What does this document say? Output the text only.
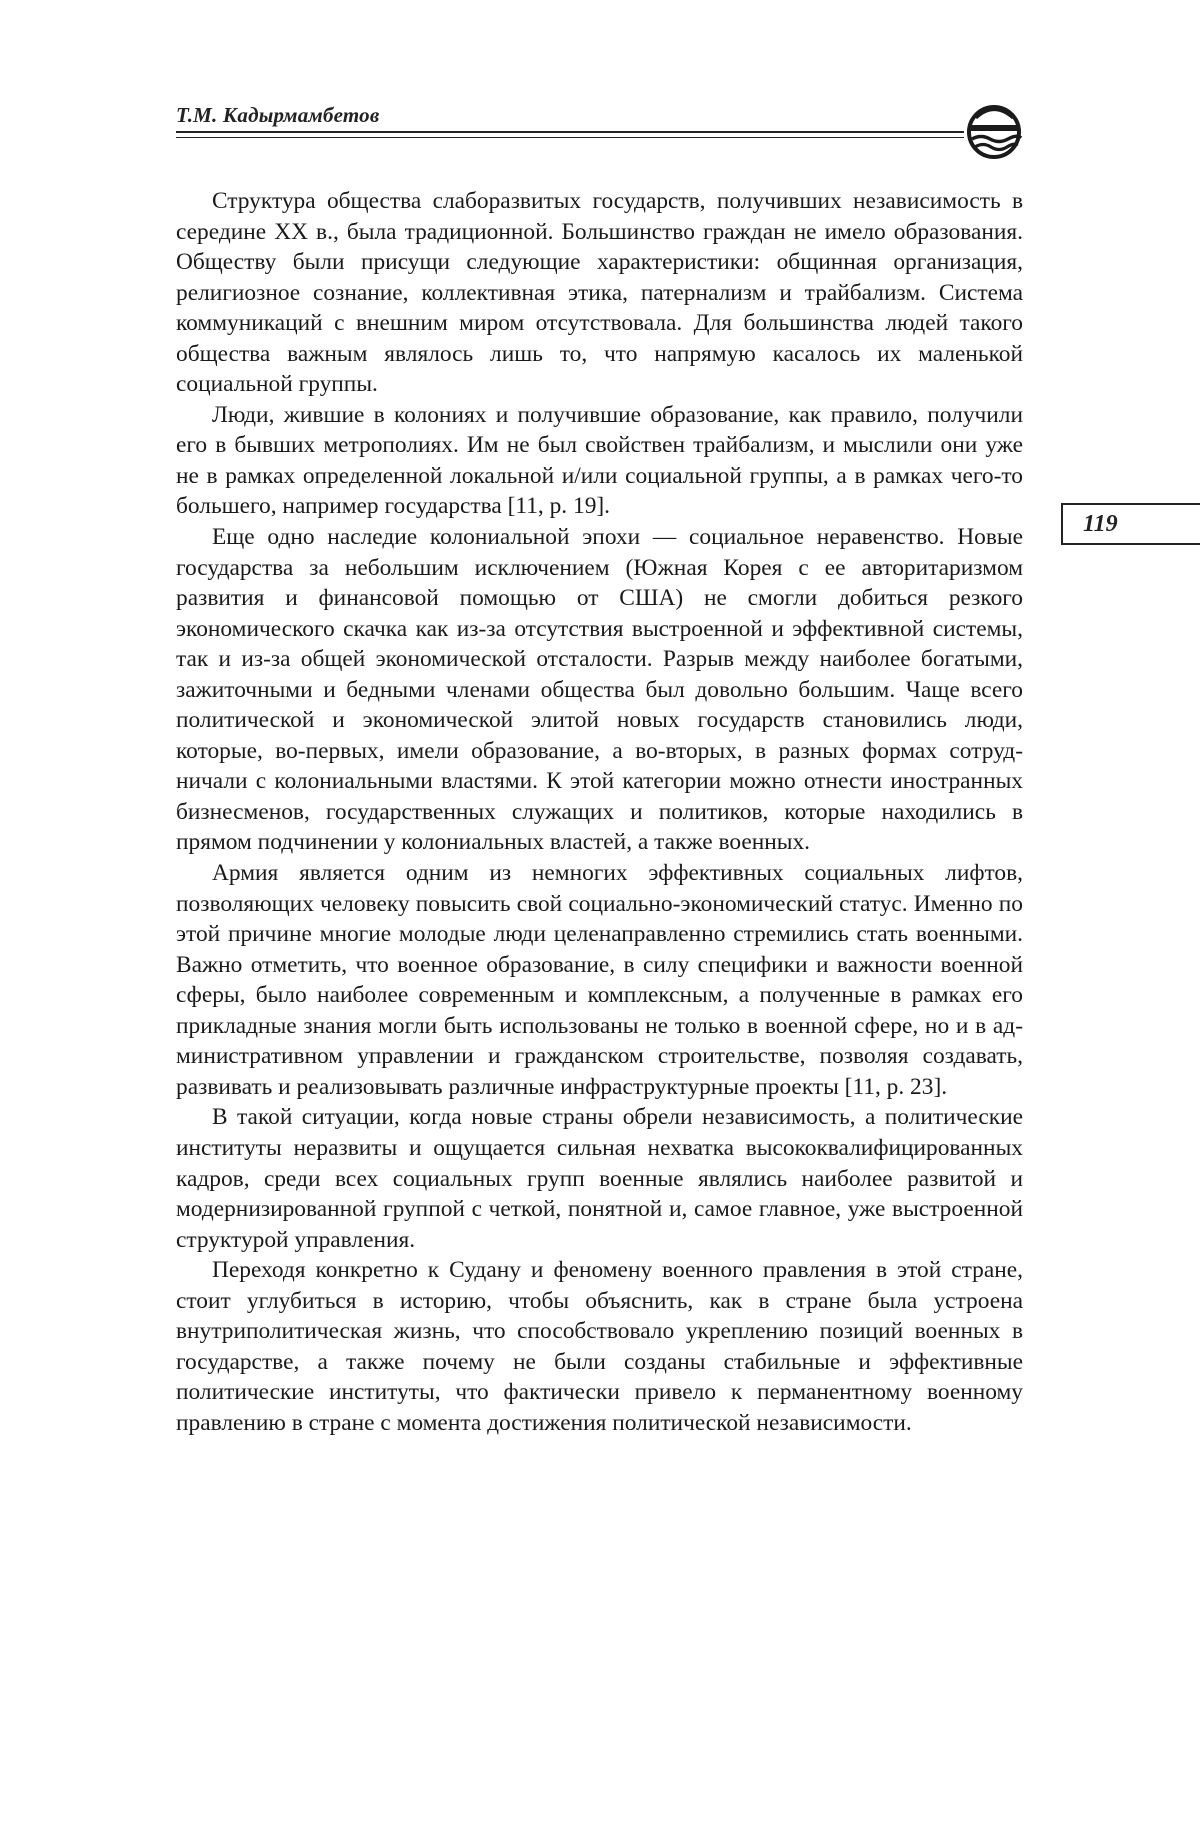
Т.М. Кадырмамбетов
119

Структура общества слаборазвитых государств, получивших независимость в середине ХХ в., была традиционной. Большинство граждан не имело образования. Обществу были присущи следующие характеристики: общинная организация, религиозное сознание, коллективная этика, патернализм и трайбализм. Система коммуникаций с внешним миром отсутствовала. Для большинства людей такого общества важным являлось лишь то, что напрямую касалось их маленькой социальной группы.

Люди, жившие в колониях и получившие образование, как правило, получили его в бывших метрополиях. Им не был свойствен трайбализм, и мыслили они уже не в рамках определенной локальной и/или социальной группы, а в рамках чего-то большего, например государства [11, p. 19].

Еще одно наследие колониальной эпохи — социальное неравенство. Новые государства за небольшим исключением (Южная Корея с ее авторитаризмом развития и финансовой помощью от США) не смогли добиться резкого экономического скачка как из-за отсутствия выстроенной и эффективной системы, так и из-за общей экономической отсталости. Разрыв между наиболее богатыми, зажиточными и бедными членами общества был довольно большим. Чаще всего политической и экономической элитой новых государств становились люди, которые, во-первых, имели образование, а во-вторых, в разных формах сотрудничали с колониальными властями. К этой категории можно отнести иностранных бизнесменов, государственных служащих и политиков, которые находились в прямом подчинении у колониальных властей, а также военных.

Армия является одним из немногих эффективных социальных лифтов, позволяющих человеку повысить свой социально-экономический статус. Именно по этой причине многие молодые люди целенаправленно стремились стать военными. Важно отметить, что военное образование, в силу специфики и важности военной сферы, было наиболее современным и комплексным, а полученные в рамках его прикладные знания могли быть использованы не только в военной сфере, но и в административном управлении и гражданском строительстве, позволяя создавать, развивать и реализовывать различные инфраструктурные проекты [11, p. 23].

В такой ситуации, когда новые страны обрели независимость, а политические институты неразвиты и ощущается сильная нехватка высококвалифицированных кадров, среди всех социальных групп военные являлись наиболее развитой и модернизированной группой с четкой, понятной и, самое главное, уже выстроенной структурой управления.

Переходя конкретно к Судану и феномену военного правления в этой стране, стоит углубиться в историю, чтобы объяснить, как в стране была устроена внутриполитическая жизнь, что способствовало укреплению позиций военных в государстве, а также почему не были созданы стабильные и эффективные политические институты, что фактически привело к перманентному военному правлению в стране с момента достижения политической независимости.
